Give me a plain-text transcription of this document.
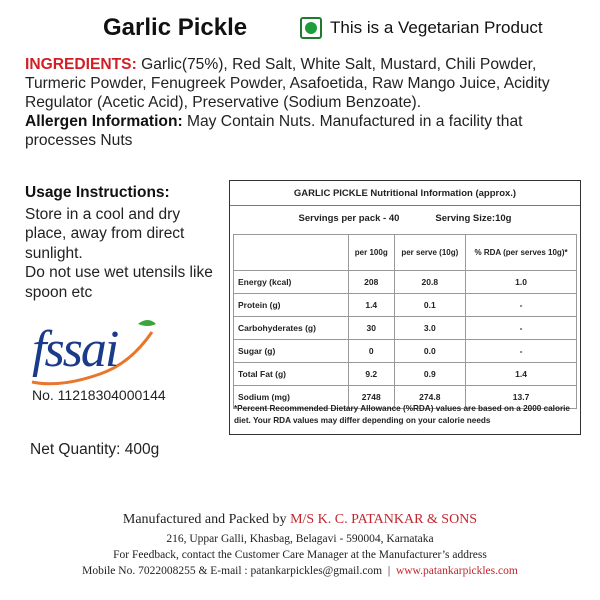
Garlic Pickle	This is a Vegetarian Product
INGREDIENTS: Garlic(75%), Red Salt, White Salt, Mustard, Chili Powder, Turmeric Powder, Fenugreek Powder, Asafoetida, Raw Mango Juice, Acidity Regulator (Acetic Acid), Preservative (Sodium Benzoate).
Allergen Information: May Contain Nuts. Manufactured in a facility that processes Nuts
Usage Instructions:
Store in a cool and dry place, away from direct sunlight.
Do not use wet utensils like spoon etc
fssai
No. 11218304000144
Net Quantity: 400g
GARLIC PICKLE Nutritional Information (approx.)
Servings per pack - 40	Serving Size:10g
	per 100g	per serve (10g)	% RDA (per serves 10g)*
Energy (kcal)	208	20.8	1.0
Protein (g)	1.4	0.1	-
Carbohyderates (g)	30	3.0	-
Sugar (g)	0	0.0	-
Total Fat (g)	9.2	0.9	1.4
Sodium (mg)	2748	274.8	13.7
*Percent Recommended Dietary Allowance (%RDA) values are based on a 2000 calorie diet. Your RDA values may differ depending on your calorie needs
Manufactured and Packed by M/S K. C. PATANKAR & SONS
216, Uppar Galli, Khasbag, Belagavi - 590004, Karnataka
For Feedback, contact the Customer Care Manager at the Manufacturer’s address
Mobile No. 7022008255 & E-mail : patankarpickles@gmail.com  |  www.patankarpickles.com
